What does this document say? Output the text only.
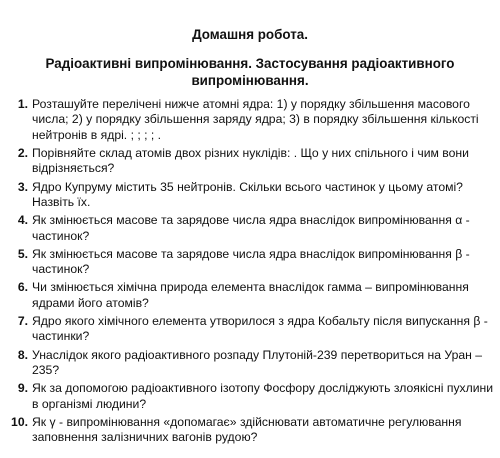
Домашня робота.
Радіоактивні випромінювання. Застосування радіоактивного випромінювання.
1. Розташуйте перелічені нижче атомні ядра: 1) у порядку збільшення масового числа; 2) у порядку збільшення заряду ядра; 3) в порядку збільшення кількості нейтронів в ядрі. ; ; ; ; .
2. Порівняйте склад атомів двох різних нуклідів: . Що у них спільного і чим вони відрізняється?
3. Ядро Купруму містить 35 нейтронів. Скільки всього частинок у цьому атомі? Назвіть їх.
4. Як змінюється масове та зарядове числа ядра внаслідок випромінювання α - частинок?
5. Як змінюється масове та зарядове числа ядра внаслідок випромінювання β - частинок?
6. Чи змінюється хімічна природа елемента внаслідок гамма – випромінювання ядрами його атомів?
7. Ядро якого хімічного елемента утворилося з ядра Кобальту після випускання β - частинки?
8. Унаслідок якого радіоактивного розпаду Плутоній-239 перетвориться на Уран – 235?
9. Як за допомогою радіоактивного ізотопу Фосфору досліджують злоякісні пухлини в організмі людини?
10. Як γ - випромінювання «допомагає» здійснювати автоматичне регулювання заповнення залізничних вагонів рудою?
